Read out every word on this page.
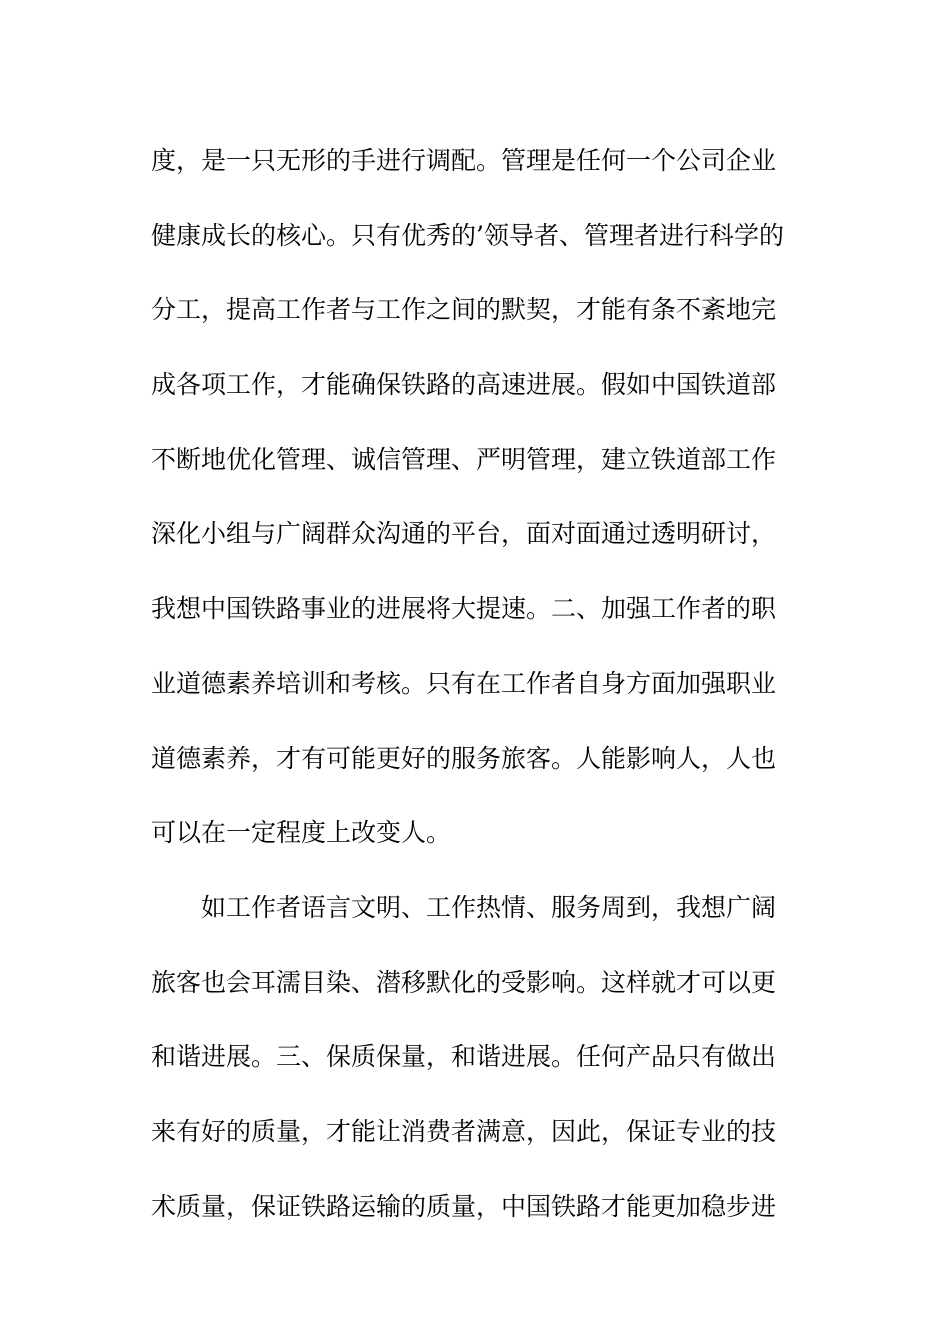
度，是一只无形的手进行调配。管理是任何一个公司企业
健康成长的核心。只有优秀的’领导者、管理者进行科学的
分工，提高工作者与工作之间的默契，才能有条不紊地完
成各项工作，才能确保铁路的高速进展。假如中国铁道部
不断地优化管理、诚信管理、严明管理，建立铁道部工作
深化小组与广阔群众沟通的平台，面对面通过透明研讨，
我想中国铁路事业的进展将大提速。二、加强工作者的职
业道德素养培训和考核。只有在工作者自身方面加强职业
道德素养，才有可能更好的服务旅客。人能影响人，人也
可以在一定程度上改变人。
如工作者语言文明、工作热情、服务周到，我想广阔
旅客也会耳濡目染、潜移默化的受影响。这样就才可以更
和谐进展。三、保质保量，和谐进展。任何产品只有做出
来有好的质量，才能让消费者满意，因此，保证专业的技
术质量，保证铁路运输的质量，中国铁路才能更加稳步进
